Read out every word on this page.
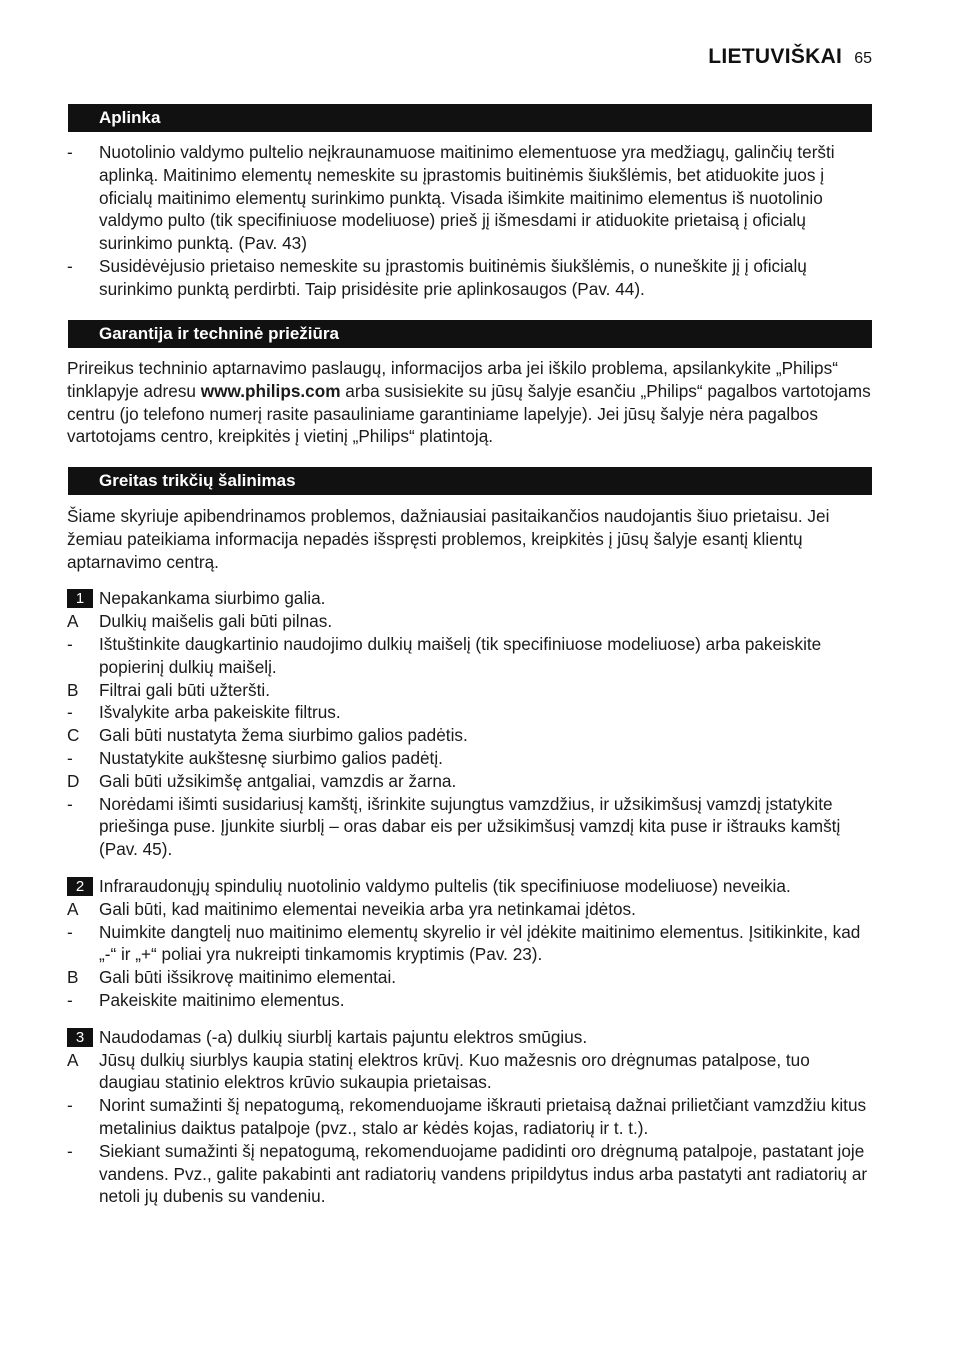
LIETUVIŠKAI 65
Aplinka
-	Nuotolinio valdymo pultelio neįkraunamuose maitinimo elementuose yra medžiagų, galinčių teršti aplinką. Maitinimo elementų nemeskite su įprastomis buitinėmis šiukšlėmis, bet atiduokite juos į oficialų maitinimo elementų surinkimo punktą. Visada išimkite maitinimo elementus iš nuotolinio valdymo pulto (tik specifiniuose modeliuose) prieš jį išmesdami ir atiduokite prietaisą į oficialų surinkimo punktą. (Pav. 43)
-	Susidėvėjusio prietaiso nemeskite su įprastomis buitinėmis šiukšlėmis, o nuneškite jį į oficialų surinkimo punktą perdirbti. Taip prisidėsite prie aplinkosaugos (Pav. 44).
Garantija ir techninė priežiūra

Prireikus techninio aptarnavimo paslaugų, informacijos arba jei iškilo problema, apsilankykite „Philips“ tinklapyje adresu www.philips.com arba susisiekite su jūsų šalyje esančiu „Philips“ pagalbos vartotojams centru (jo telefono numerį rasite pasauliniame garantiniame lapelyje). Jei jūsų šalyje nėra pagalbos vartotojams centro, kreipkitės į vietinį „Philips“ platintoją.

Greitas trikčių šalinimas

Šiame skyriuje apibendrinamos problemos, dažniausiai pasitaikančios naudojantis šiuo prietaisu. Jei žemiau pateikiama informacija nepadės išspręsti problemos, kreipkitės į jūsų šalyje esantį klientų aptarnavimo centrą.

1 Nepakankama siurbimo galia.
A	Dulkių maišelis gali būti pilnas.
-	Ištuštinkite daugkartinio naudojimo dulkių maišelį (tik specifiniuose modeliuose) arba pakeiskite popierinį dulkių maišelį.
B	Filtrai gali būti užteršti.
-	Išvalykite arba pakeiskite filtrus.
C	Gali būti nustatyta žema siurbimo galios padėtis.
-	Nustatykite aukštesnę siurbimo galios padėtį.
D	Gali būti užsikimšę antgaliai, vamzdis ar žarna.
-	Norėdami išimti susidariusį kamštį, išrinkite sujungtus vamzdžius, ir užsikimšusį vamzdį įstatykite priešinga puse. Įjunkite siurblį – oras dabar eis per užsikimšusį vamzdį kita puse ir ištrauks kamštį (Pav. 45).
2 Infraraudonųjų spindulių nuotolinio valdymo pultelis (tik specifiniuose modeliuose) neveikia.
A	Gali būti, kad maitinimo elementai neveikia arba yra netinkamai įdėtos.
-	Nuimkite dangtelį nuo maitinimo elementų skyrelio ir vėl įdėkite maitinimo elementus. Įsitikinkite, kad „-“ ir „+“ poliai yra nukreipti tinkamomis kryptimis (Pav. 23).
B	Gali būti išsikrovę maitinimo elementai.
-	Pakeiskite maitinimo elementus.
3 Naudodamas (-a) dulkių siurblį kartais pajuntu elektros smūgius.
A	Jūsų dulkių siurblys kaupia statinį elektros krūvį. Kuo mažesnis oro drėgnumas patalpose, tuo daugiau statinio elektros krūvio sukaupia prietaisas.
-	Norint sumažinti šį nepatogumą, rekomenduojame iškrauti prietaisą dažnai prilietčiant vamzdžiu kitus metalinius daiktus patalpoje (pvz., stalo ar kėdės kojas, radiatorių ir t. t.).
-	Siekiant sumažinti šį nepatogumą, rekomenduojame padidinti oro drėgnumą patalpoje, pastatant joje vandens. Pvz., galite pakabinti ant radiatorių vandens pripildytus indus arba pastatyti ant radiatorių ar netoli jų dubenis su vandeniu.
